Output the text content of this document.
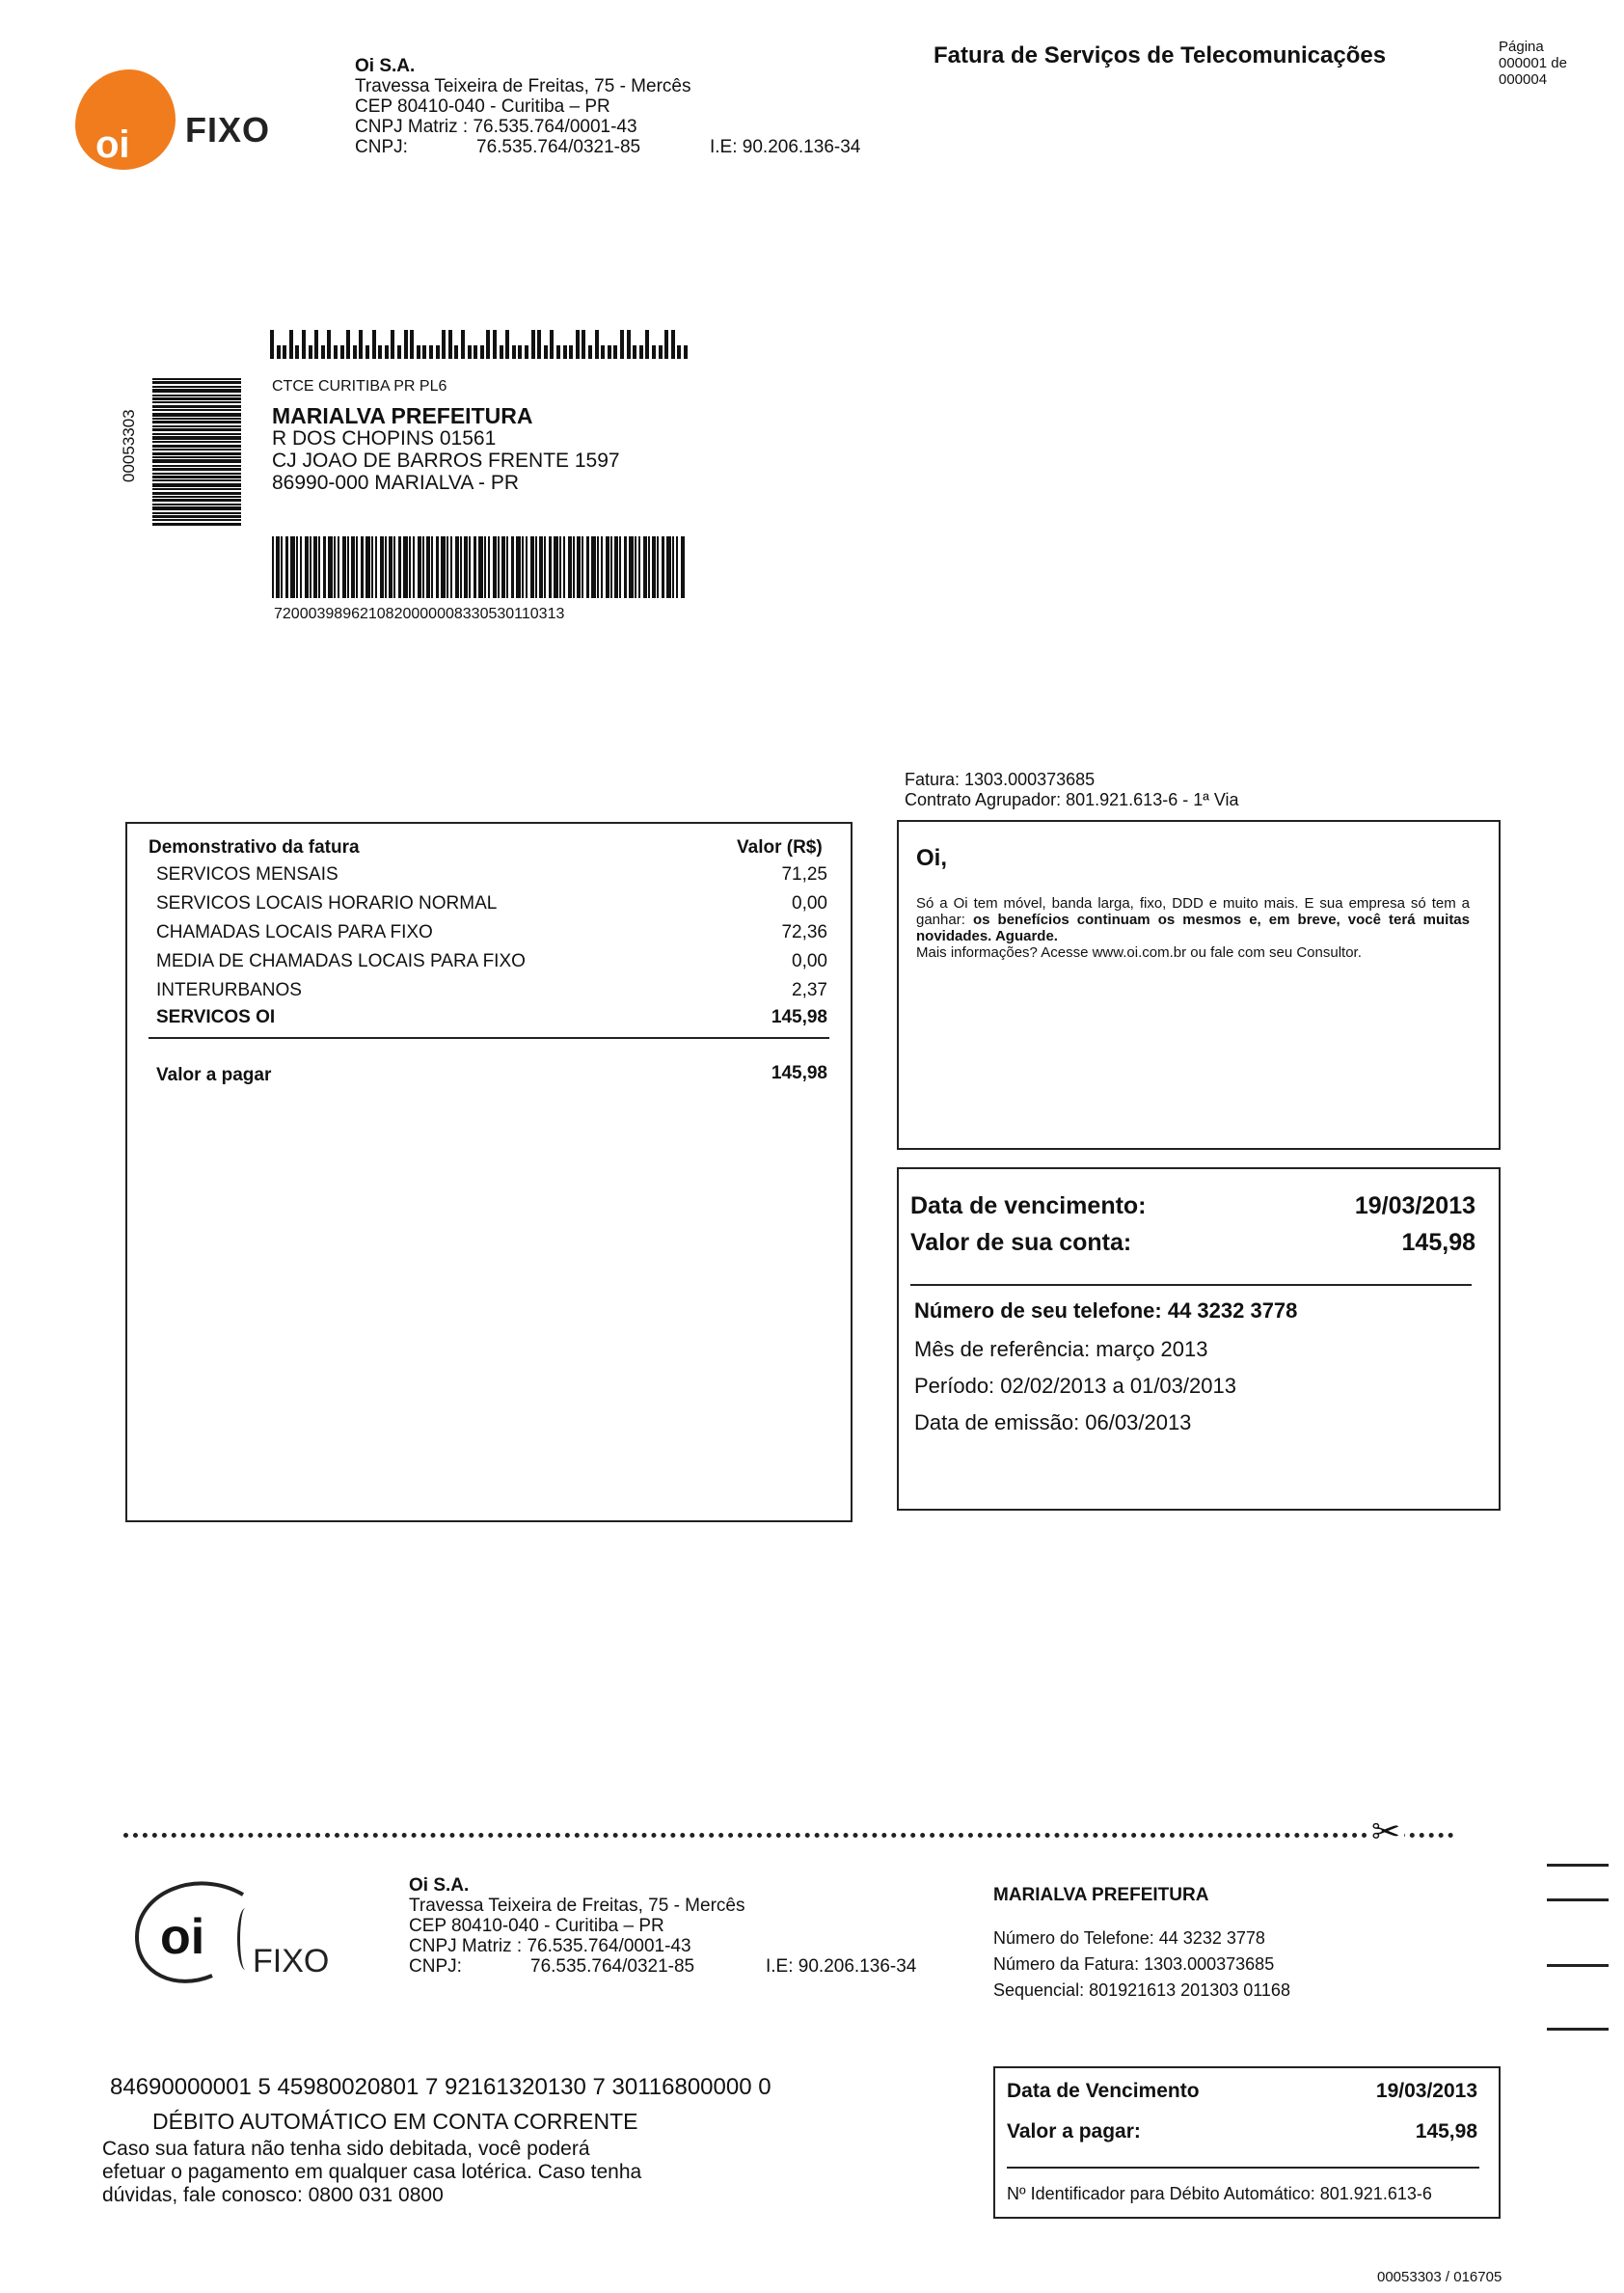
oi FIXO
Oi S.A.
Travessa Teixeira de Freitas, 75 - Mercês
CEP 80410-040 - Curitiba – PR
CNPJ Matriz : 76.535.764/0001-43
CNPJ:	76.535.764/0321-85	I.E: 90.206.136-34
Fatura de Serviços de Telecomunicações	Página
000001 de
000004
00053303
CTCE CURITIBA PR PL6
MARIALVA PREFEITURA
R DOS CHOPINS 01561
CJ JOAO DE BARROS FRENTE 1597
86990-000 MARIALVA - PR
72000398962108200000083305301103​13
Fatura: 1303.000373685
Contrato Agrupador: 801.921.613-6 - 1ª Via
Demonstrativo da fatura	Valor (R$)
SERVICOS MENSAIS	71,25
SERVICOS LOCAIS HORARIO NORMAL	0,00
CHAMADAS LOCAIS PARA FIXO	72,36
MEDIA DE CHAMADAS LOCAIS PARA FIXO	0,00
INTERURBANOS	2,37
SERVICOS OI	145,98
Valor a pagar	145,98
Oi,
Só a Oi tem móvel, banda larga, fixo, DDD e muito mais. E sua empresa só tem a ganhar: os benefícios continuam os mesmos e, em breve, você terá muitas novidades. Aguarde.
Mais informações? Acesse www.oi.com.br ou fale com seu Consultor.
Data de vencimento:	19/03/2013
Valor de sua conta:	145,98
Número de seu telefone: 44 3232 3778
Mês de referência: março 2013
Período: 02/02/2013 a 01/03/2013
Data de emissão: 06/03/2013
✂
oi FIXO
Oi S.A.
Travessa Teixeira de Freitas, 75 - Mercês
CEP 80410-040 - Curitiba – PR
CNPJ Matriz : 76.535.764/0001-43
CNPJ:	76.535.764/0321-85	I.E: 90.206.136-34
MARIALVA PREFEITURA
Número do Telefone: 44 3232 3778
Número da Fatura: 1303.000373685
Sequencial: 801921613 201303 01168
84690000001 5 45980020801 7 92161320130 7 30116800000 0
DÉBITO AUTOMÁTICO EM CONTA CORRENTE
Caso sua fatura não tenha sido debitada, você poderá
efetuar o pagamento em qualquer casa lotérica. Caso tenha
dúvidas, fale conosco: 0800 031 0800
Data de Vencimento	19/03/2013
Valor a pagar:	145,98
Nº Identificador para Débito Automático: 801.921.613-6
00053303 / 016705
